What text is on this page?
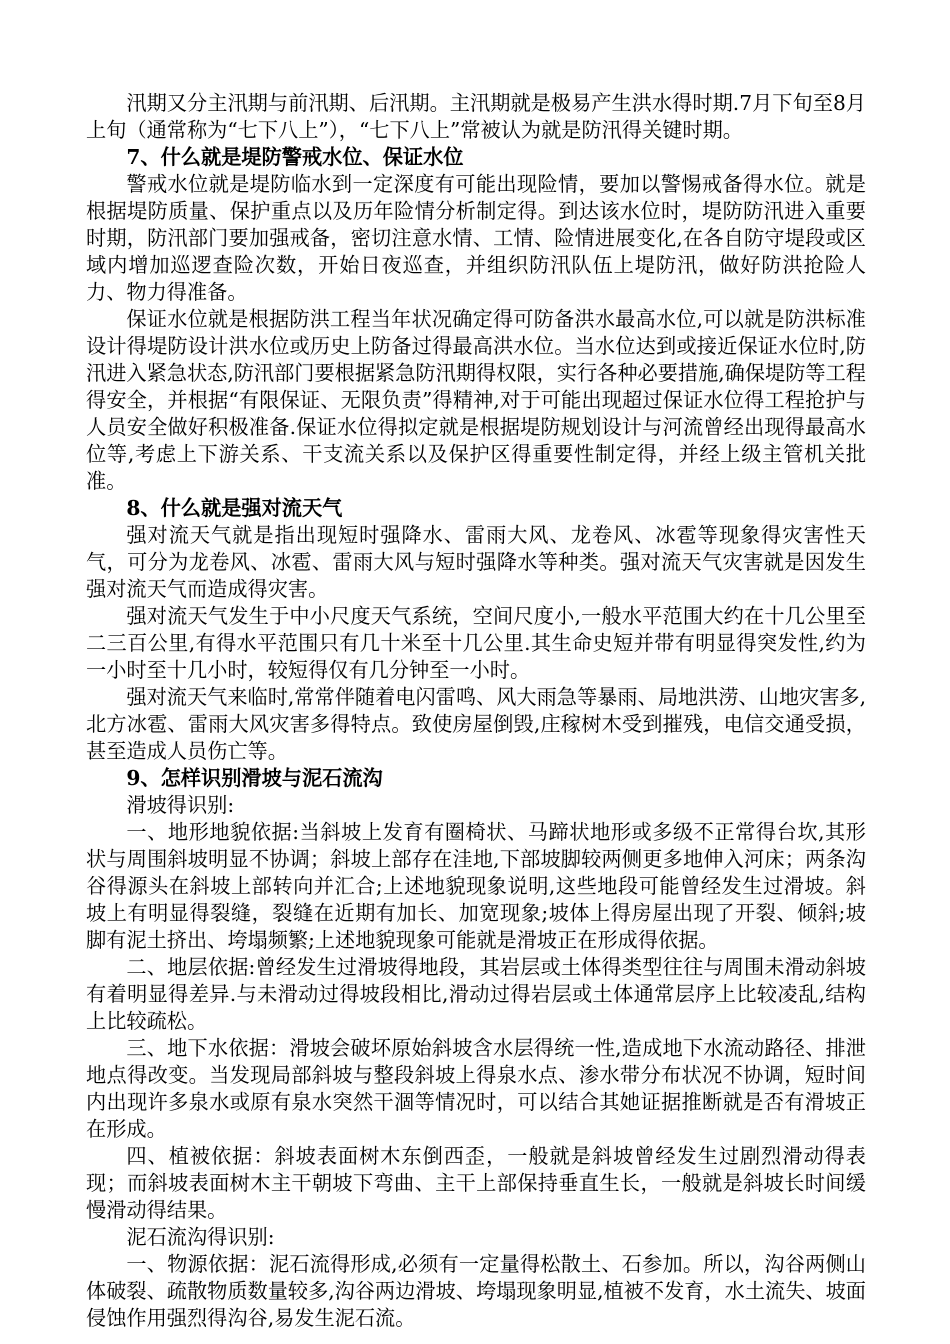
汛期又分主汛期与前汛期、后汛期。主汛期就是极易产生洪水得时期.7月下旬至8月上旬（通常称为“七下八上”），“七下八上”常被认为就是防汛得关键时期。

7、什么就是堤防警戒水位、保证水位

警戒水位就是堤防临水到一定深度有可能出现险情，要加以警惕戒备得水位。就是根据堤防质量、保护重点以及历年险情分析制定得。到达该水位时，堤防防汛进入重要时期，防汛部门要加强戒备，密切注意水情、工情、险情进展变化,在各自防守堤段或区域内增加巡逻查险次数，开始日夜巡查，并组织防汛队伍上堤防汛，做好防洪抢险人力、物力得准备。

保证水位就是根据防洪工程当年状况确定得可防备洪水最高水位,可以就是防洪标准设计得堤防设计洪水位或历史上防备过得最高洪水位。当水位达到或接近保证水位时,防汛进入紧急状态,防汛部门要根据紧急防汛期得权限，实行各种必要措施,确保堤防等工程得安全，并根据“有限保证、无限负责”得精神,对于可能出现超过保证水位得工程抢护与人员安全做好积极准备.保证水位得拟定就是根据堤防规划设计与河流曾经出现得最高水位等,考虑上下游关系、干支流关系以及保护区得重要性制定得，并经上级主管机关批准。

8、什么就是强对流天气

强对流天气就是指出现短时强降水、雷雨大风、龙卷风、冰雹等现象得灾害性天气，可分为龙卷风、冰雹、雷雨大风与短时强降水等种类。强对流天气灾害就是因发生强对流天气而造成得灾害。

强对流天气发生于中小尺度天气系统，空间尺度小,一般水平范围大约在十几公里至二三百公里,有得水平范围只有几十米至十几公里.其生命史短并带有明显得突发性,约为一小时至十几小时，较短得仅有几分钟至一小时。

强对流天气来临时,常常伴随着电闪雷鸣、风大雨急等暴雨、局地洪涝、山地灾害多,北方冰雹、雷雨大风灾害多得特点。致使房屋倒毁,庄稼树木受到摧残，电信交通受损，甚至造成人员伤亡等。

9、怎样识别滑坡与泥石流沟

滑坡得识别:

一、地形地貌依据:当斜坡上发育有圈椅状、马蹄状地形或多级不正常得台坎,其形状与周围斜坡明显不协调；斜坡上部存在洼地,下部坡脚较两侧更多地伸入河床；两条沟谷得源头在斜坡上部转向并汇合;上述地貌现象说明,这些地段可能曾经发生过滑坡。斜坡上有明显得裂缝，裂缝在近期有加长、加宽现象;坡体上得房屋出现了开裂、倾斜;坡脚有泥土挤出、垮塌频繁;上述地貌现象可能就是滑坡正在形成得依据。

二、地层依据:曾经发生过滑坡得地段，其岩层或土体得类型往往与周围未滑动斜坡有着明显得差异.与未滑动过得坡段相比,滑动过得岩层或土体通常层序上比较凌乱,结构上比较疏松。

三、地下水依据：滑坡会破坏原始斜坡含水层得统一性,造成地下水流动路径、排泄地点得改变。当发现局部斜坡与整段斜坡上得泉水点、渗水带分布状况不协调，短时间内出现许多泉水或原有泉水突然干涸等情况时，可以结合其她证据推断就是否有滑坡正在形成。

四、植被依据：斜坡表面树木东倒西歪，一般就是斜坡曾经发生过剧烈滑动得表现；而斜坡表面树木主干朝坡下弯曲、主干上部保持垂直生长，一般就是斜坡长时间缓慢滑动得结果。

泥石流沟得识别:

一、物源依据：泥石流得形成,必须有一定量得松散土、石参加。所以，沟谷两侧山体破裂、疏散物质数量较多,沟谷两边滑坡、垮塌现象明显,植被不发育，水土流失、坡面侵蚀作用强烈得沟谷,易发生泥石流。
